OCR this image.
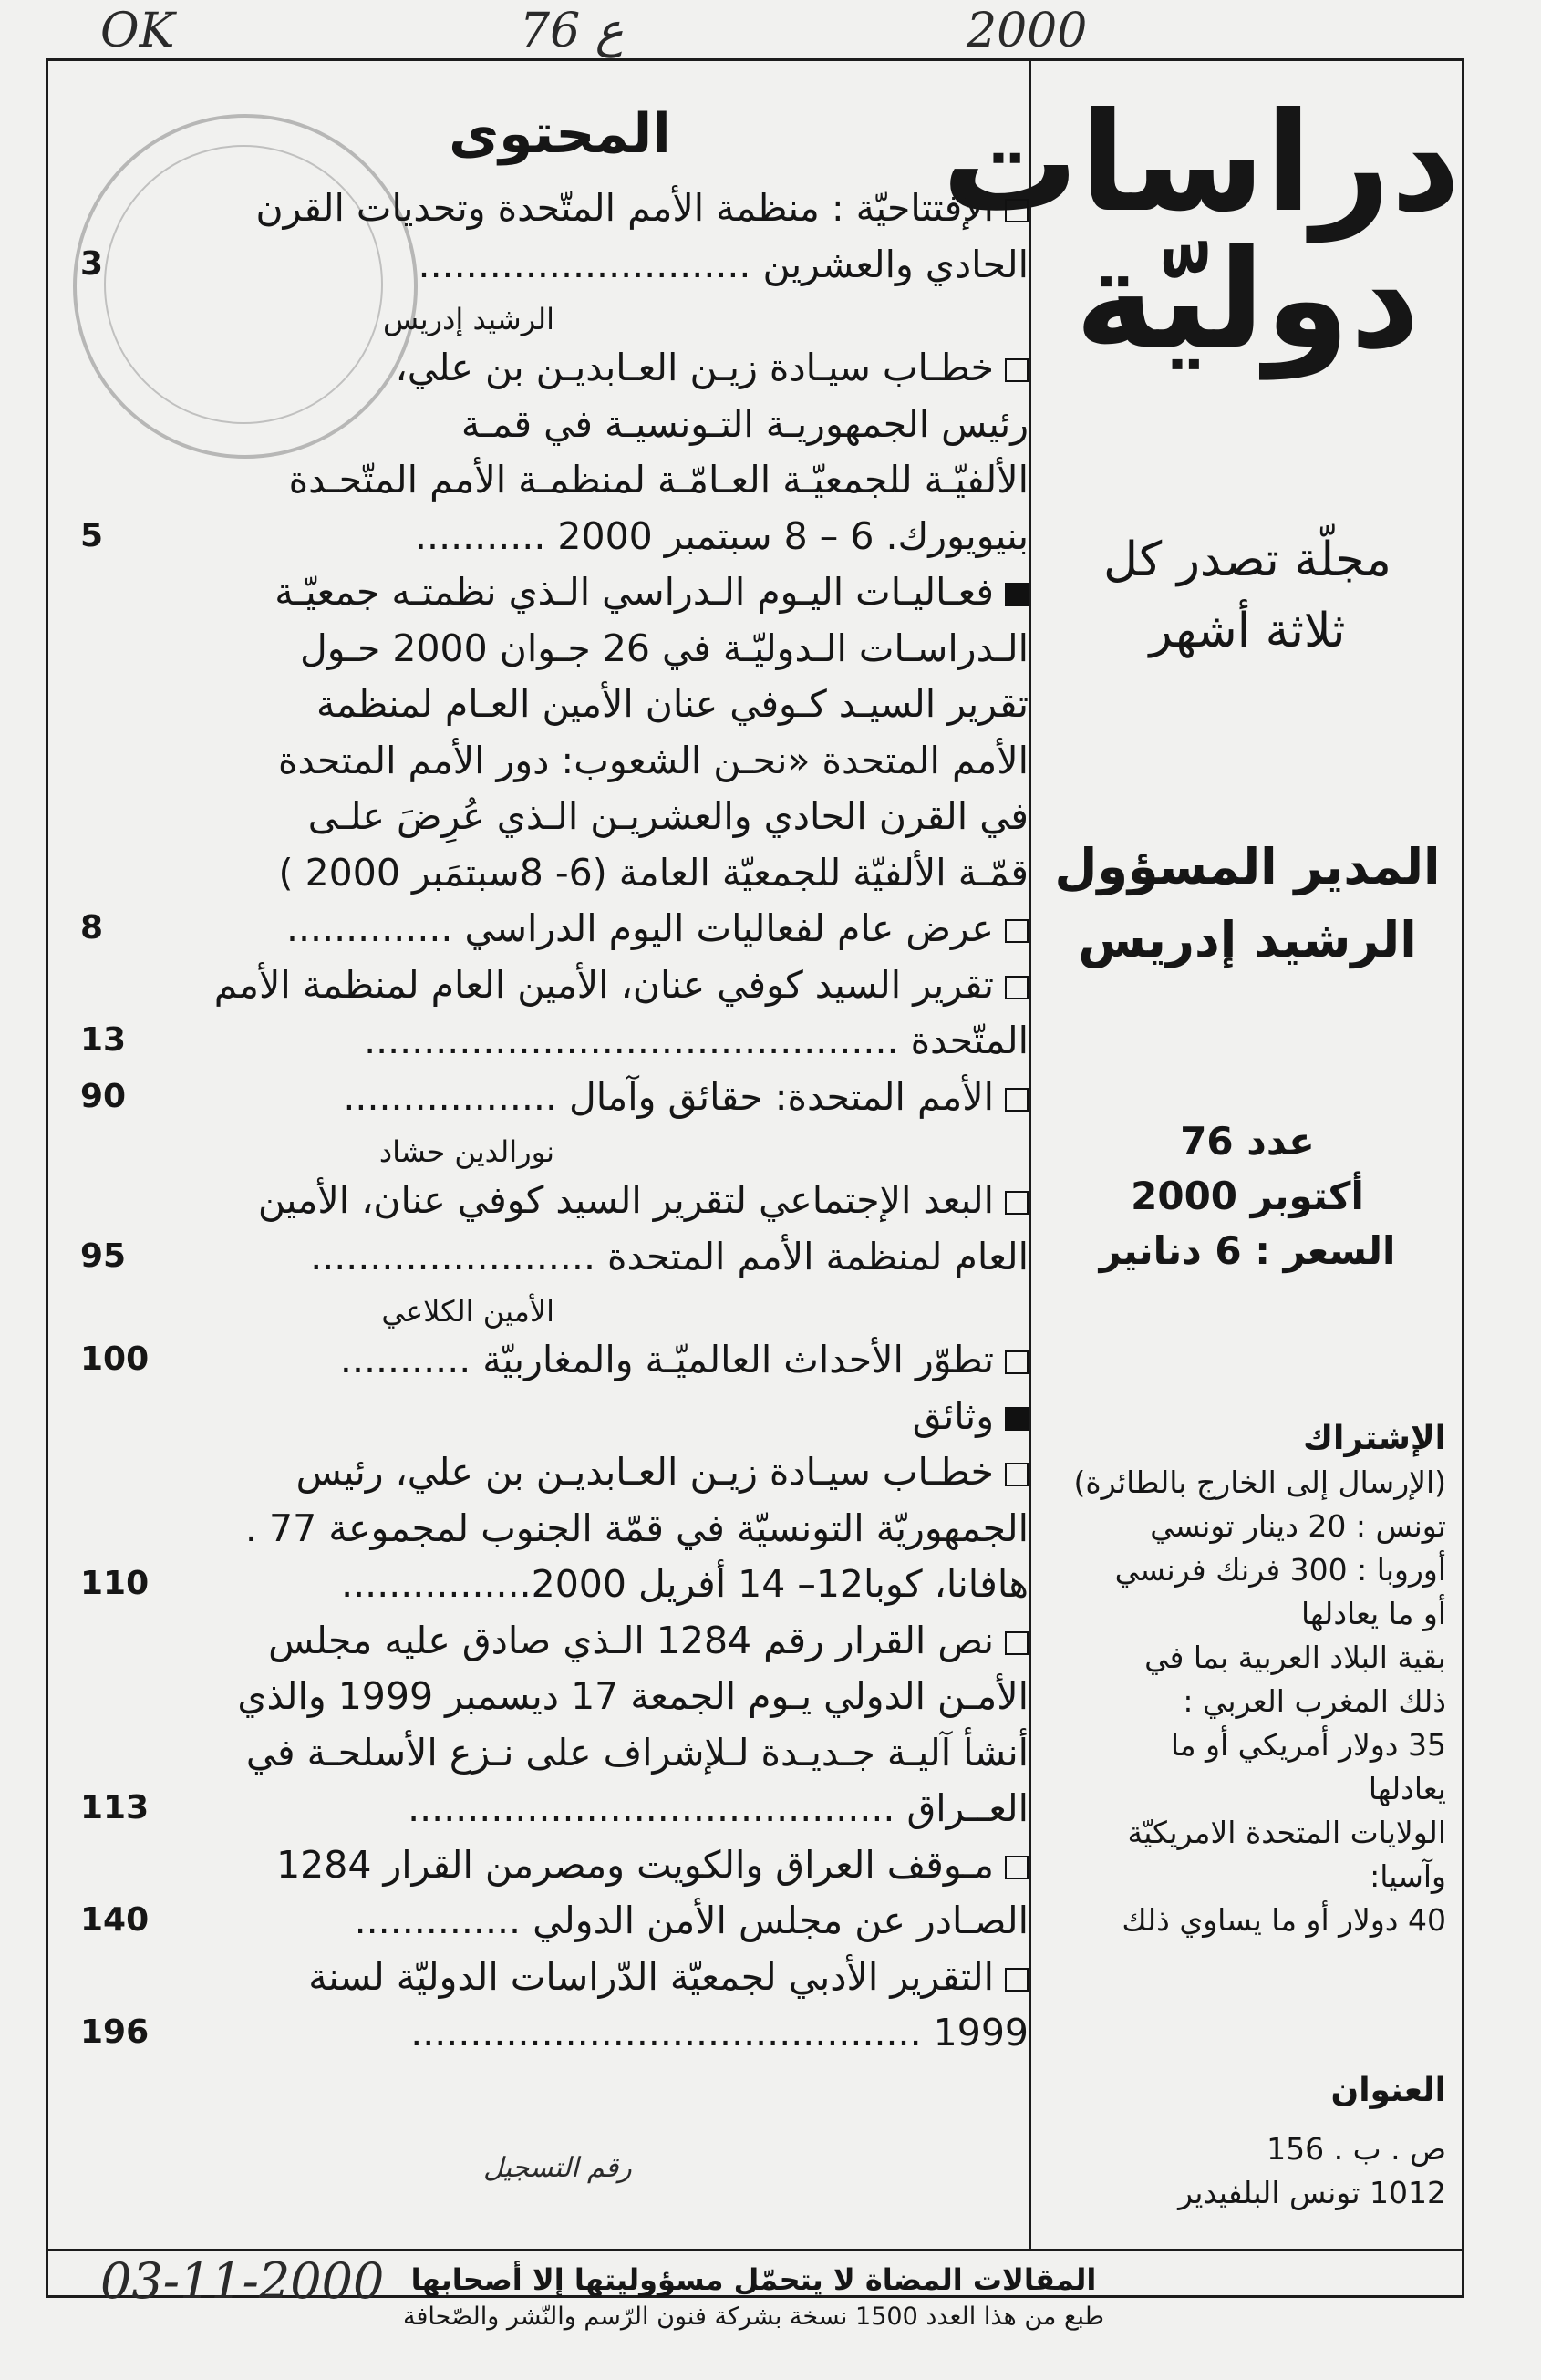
OK	76 ع	2000
دراسات
دوليّة
مجلّة تصدر كل
ثلاثة أشهر
المدير المسؤول
الرشيد إدريس
عدد 76
أكتوبر 2000
السعر : 6 دنانير
الإشتراك
(الإرسال إلى الخارج بالطائرة)
تونس : 20 دينار تونسي
أوروبا : 300 فرنك فرنسي
أو ما يعادلها
بقية البلاد العربية بما في
ذلك المغرب العربي :
35 دولار أمريكي أو ما
يعادلها
الولايات المتحدة الامريكيّة
وآسيا:
40 دولار أو ما يساوي ذلك
العنوان
ص . ب . 156
1012 تونس البلفيدير
المحتوى
الإفتتاحيّة : منظمة الأمم المتّحدة وتحديات القرن
الحادي والعشرين ............................
3
الرشيد إدريس
خطـاب سيـادة زيـن العـابديـن بن علي،
رئيس الجمهوريـة التـونسيـة في قمـة
الألفيّـة للجمعيّـة العـامّـة لمنظمـة الأمم المتّحـدة
بنيويورك. 6 – 8 سبتمبر 2000 ...........
5
فعـاليـات اليـوم الـدراسي الـذي نظمتـه جمعيّـة
الـدراسـات الـدوليّـة في 26 جـوان 2000 حـول
تقرير السيـد كـوفي عنان الأمين العـام لمنظمة
الأمم المتحدة «نحـن الشعوب: دور الأمم المتحدة
في القرن الحادي والعشريـن الـذي عُرِضَ علـى
قمّـة الألفيّة للجمعيّة العامة (6- 8سبتمَبر 2000 )
عرض عام لفعاليات اليوم الدراسي ..............
8
تقرير السيد كوفي عنان، الأمين العام لمنظمة الأمم
المتّحدة .............................................
13
الأمم المتحدة: حقائق وآمال ..................
90
نورالدين حشاد
البعد الإجتماعي لتقرير السيد كوفي عنان، الأمين
العام لمنظمة الأمم المتحدة ........................
95
الأمين الكلاعي
تطوّر الأحداث العالميّـة والمغاربيّة ...........
100
وثائق
خطـاب سيـادة زيـن العـابديـن بن علي، رئيس
الجمهوريّة التونسيّة في قمّة الجنوب لمجموعة 77 .
هافانا، كوبا12– 14 أفريل 2000................
110
نص القرار رقم 1284 الـذي صادق عليه مجلس
الأمـن الدولي يـوم الجمعة 17 ديسمبر 1999 والذي
أنشأ آليـة جـديـدة لـلإشراف على نـزع الأسلحـة في
العــراق .........................................
113
مـوقف العراق والكويت ومصرمن القرار 1284
الصـادر عن مجلس الأمن الدولي ..............
140
التقرير الأدبي لجمعيّة الدّراسات الدوليّة لسنة
1999 ...........................................
196
رقم التسجيل
المقالات المضاة لا يتحمّل مسؤوليتها إلا أصحابها
طبع من هذا العدد 1500 نسخة بشركة فنون الرّسم والنّشر والصّحافة
03-11-2000
